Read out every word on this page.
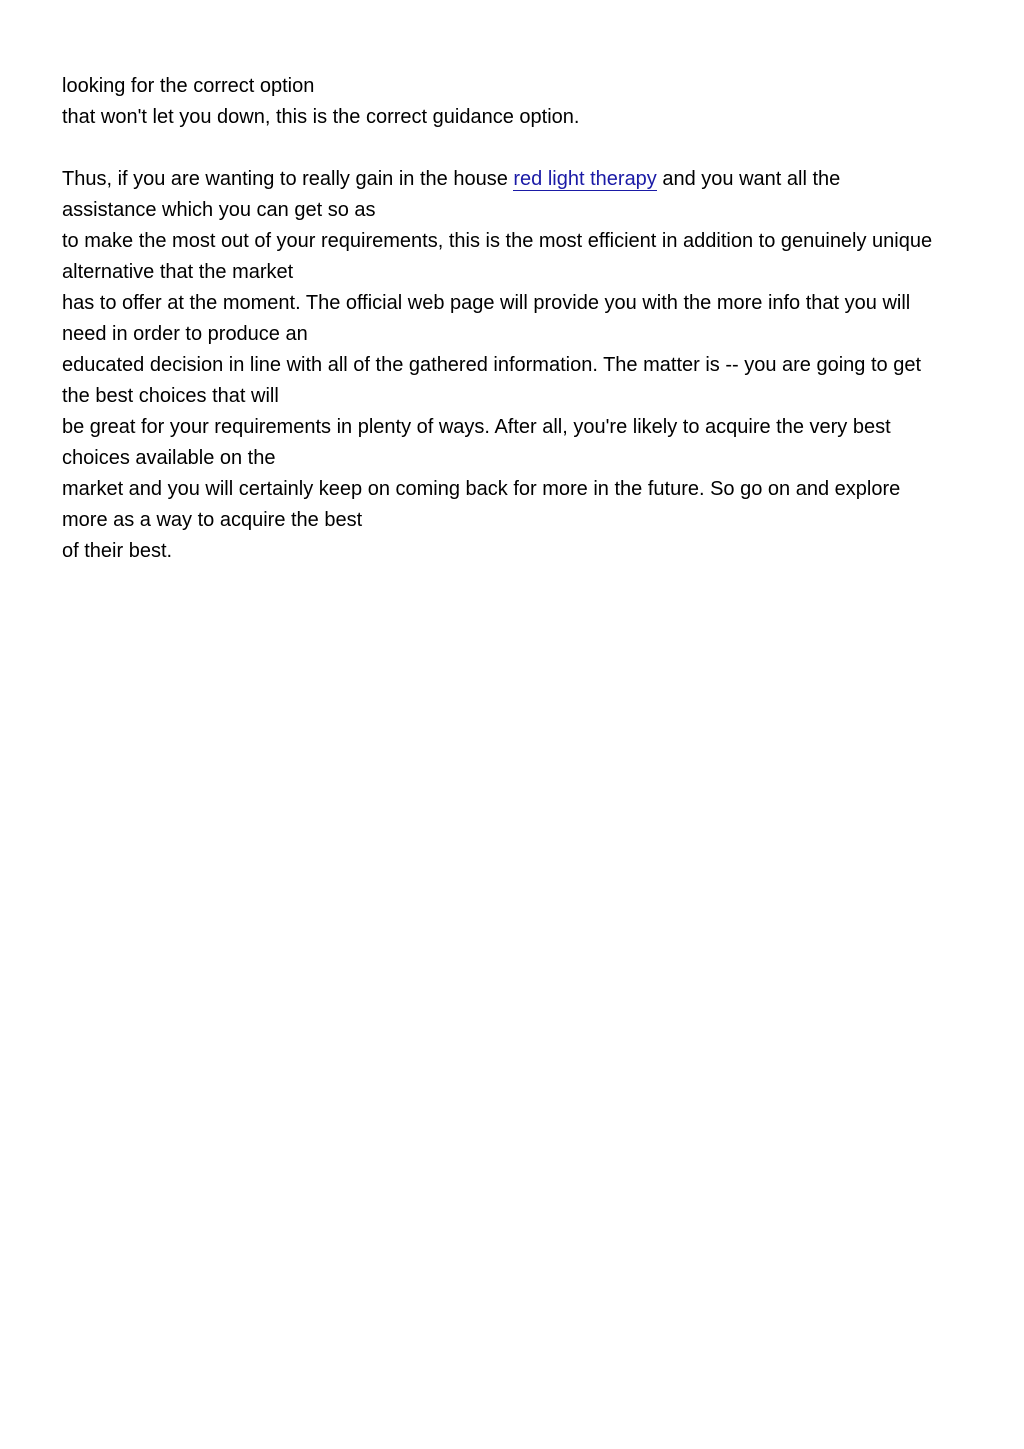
looking for the correct option
that won't let you down, this is the correct guidance option.
Thus, if you are wanting to really gain in the house red light therapy and you want all the
assistance which you can get so as
to make the most out of your requirements, this is the most efficient in addition to genuinely unique
alternative that the market
has to offer at the moment. The official web page will provide you with the more info that you will
need in order to produce an
educated decision in line with all of the gathered information. The matter is -- you are going to get
the best choices that will
be great for your requirements in plenty of ways. After all, you're likely to acquire the very best
choices available on the
market and you will certainly keep on coming back for more in the future. So go on and explore
more as a way to acquire the best
of their best.
